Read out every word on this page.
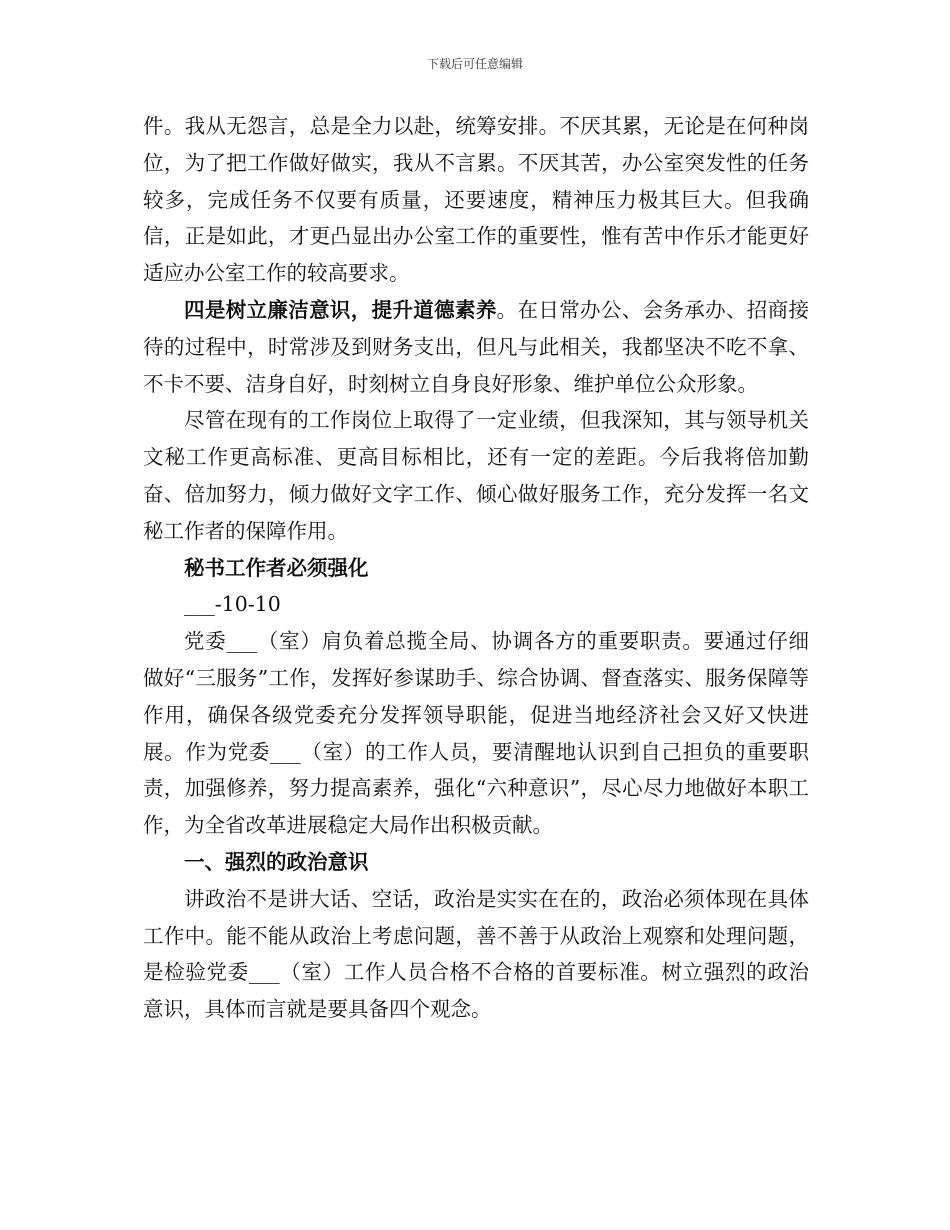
下载后可任意编辑

件。我从无怨言，总是全力以赴，统筹安排。不厌其累，无论是在何种岗位，为了把工作做好做实，我从不言累。不厌其苦，办公室突发性的任务较多，完成任务不仅要有质量，还要速度，精神压力极其巨大。但我确信，正是如此，才更凸显出办公室工作的重要性，惟有苦中作乐才能更好适应办公室工作的较高要求。

四是树立廉洁意识，提升道德素养。在日常办公、会务承办、招商接待的过程中，时常涉及到财务支出，但凡与此相关，我都坚决不吃不拿、不卡不要、洁身自好，时刻树立自身良好形象、维护单位公众形象。

尽管在现有的工作岗位上取得了一定业绩，但我深知，其与领导机关文秘工作更高标准、更高目标相比，还有一定的差距。今后我将倍加勤奋、倍加努力，倾力做好文字工作、倾心做好服务工作，充分发挥一名文秘工作者的保障作用。

秘书工作者必须强化

___-10-10

党委___（室）肩负着总揽全局、协调各方的重要职责。要通过仔细做好“三服务”工作，发挥好参谋助手、综合协调、督查落实、服务保障等作用，确保各级党委充分发挥领导职能，促进当地经济社会又好又快进展。作为党委___（室）的工作人员，要清醒地认识到自己担负的重要职责，加强修养，努力提高素养，强化“六种意识”，尽心尽力地做好本职工作，为全省改革进展稳定大局作出积极贡献。

一、强烈的政治意识

讲政治不是讲大话、空话，政治是实实在在的，政治必须体现在具体工作中。能不能从政治上考虑问题，善不善于从政治上观察和处理问题，是检验党委___（室）工作人员合格不合格的首要标准。树立强烈的政治意识，具体而言就是要具备四个观念。
